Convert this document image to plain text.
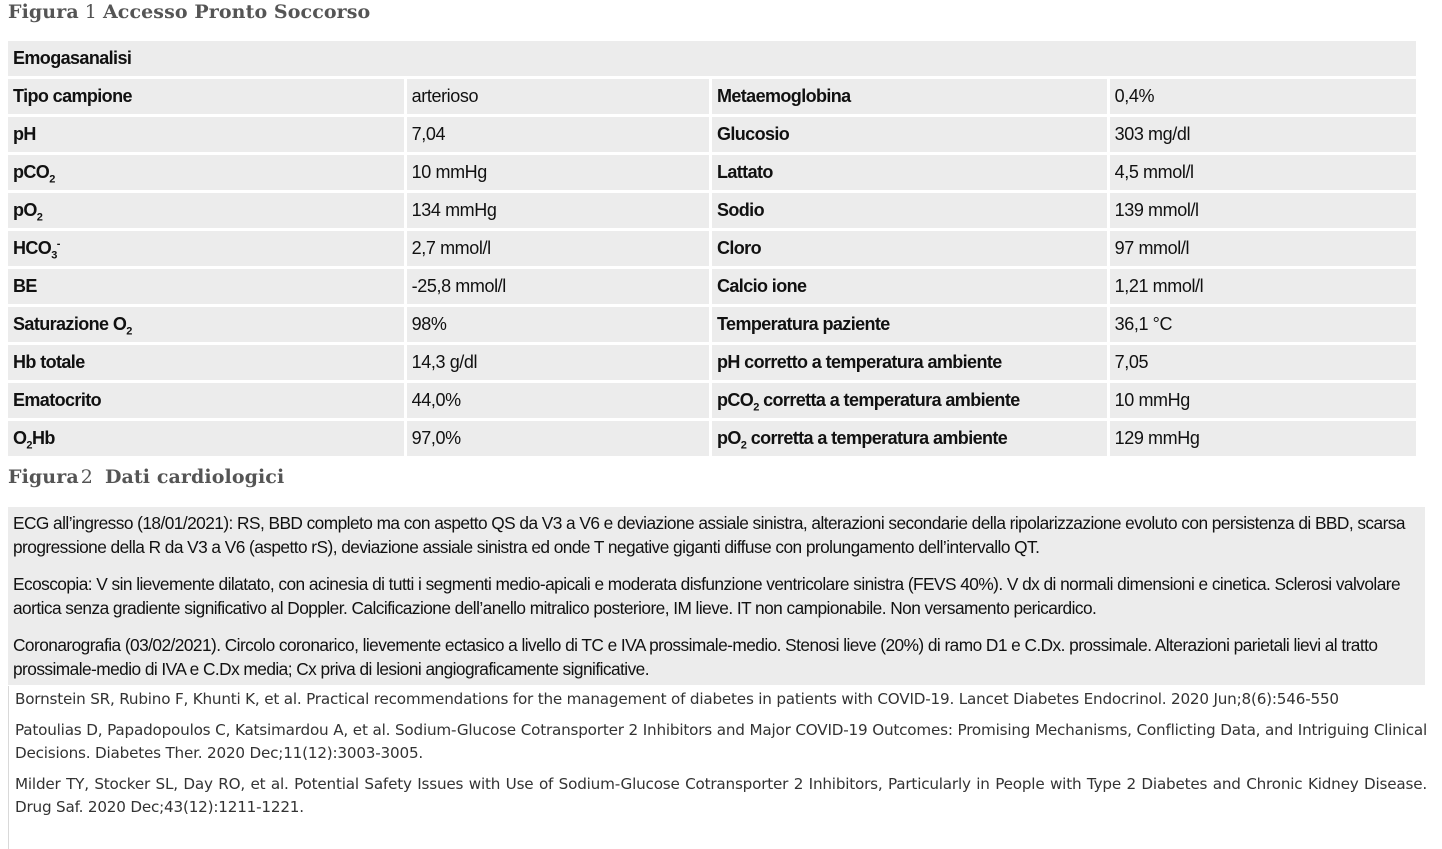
Figura 1 Accesso Pronto Soccorso
Emogasanalisi			
Tipo campione	arterioso	Metaemoglobina	0,4%
pH	7,04	Glucosio	303 mg/dl
pCO$_2$	10 mmHg	Lattato	4,5 mmol/l
$pO_2$	134 mmHg	Sodio	139 mmol/l
$HCO_3^-$	2,7 mmol/l	Cloro	97 mmol/l
BE	-25,8 mmol/l	Calcio ione	1,21 mmol/l
Saturazione $O_2$	98%	Temperatura paziente	36,1 °C
Hb totale	14,3 g/dl	pH corretto a temperatura ambiente	7,05
Ematocrito	44,0%	pCO$_2$ corretta a temperatura ambiente	10 mmHg
$O_2Hb$	97,0%	$pO_2$ corretta a temperatura ambiente	129 mmHg
Figura 2 Dati cardiologici

ECG all’ingresso (18/01/2021): RS, BBD completo ma con aspetto QS da V3 a V6 e deviazione assiale sinistra, alterazioni secondarie della ripolarizzazione evoluto con persistenza di BBD, scarsa progressione della R da V3 a V6 (aspetto rS), deviazione assiale sinistra ed onde T negative giganti diffuse con prolungamento dell’intervallo QT.

Ecoscopia: V sin lievemente dilatato, con acinesia di tutti i segmenti medio-apicali e moderata disfunzione ventricolare sinistra (FEVS 40%). V dx di normali dimensioni e cinetica. Sclerosi valvolare aortica senza gradiente significativo al Doppler. Calcificazione dell’anello mitralico posteriore, IM lieve. IT non campionabile. Non versamento pericardico.

Coronarografia (03/02/2021). Circolo coronarico, lievemente ectasico a livello di TC e IVA prossimale-medio. Stenosi lieve (20%) di ramo D1 e C.Dx. prossimale. Alterazioni parietali lievi al tratto prossimale-medio di IVA e C.Dx media; Cx priva di lesioni angiograficamente significative.

Bornstein SR, Rubino F, Khunti K, et al. Practical recommendations for the management of diabetes in patients with COVID-19. Lancet Diabetes Endocrinol. 2020 Jun;8(6):546-550

Patoulias D, Papadopoulos C, Katsimardou A, et al. Sodium-Glucose Cotransporter 2 Inhibitors and Major COVID-19 Outcomes: Promising Mechanisms, Conflicting Data, and Intriguing Clinical Decisions. Diabetes Ther. 2020 Dec;11(12):3003-3005.

Milder TY, Stocker SL, Day RO, et al. Potential Safety Issues with Use of Sodium-Glucose Cotransporter 2 Inhibitors, Particularly in People with Type 2 Diabetes and Chronic Kidney Disease. Drug Saf. 2020 Dec;43(12):1211-1221.
